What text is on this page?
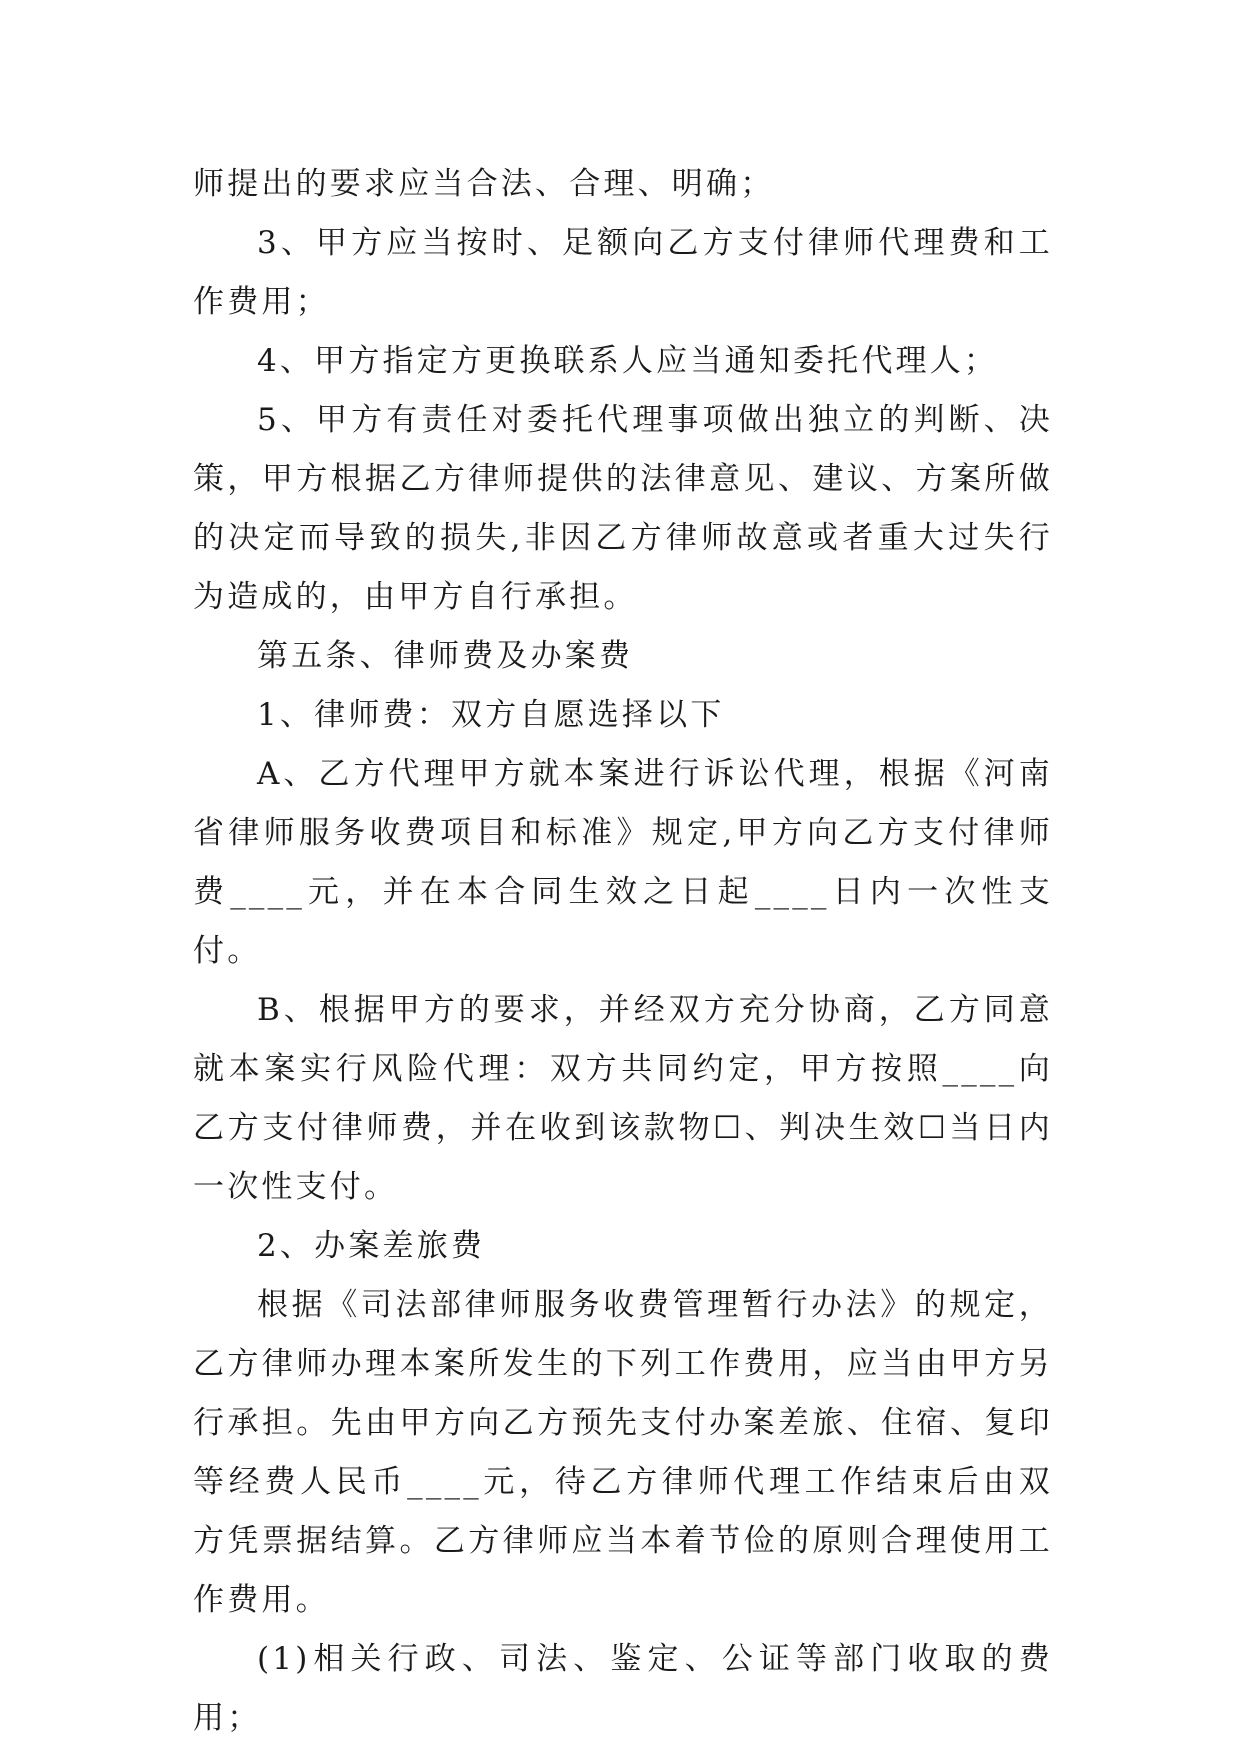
师提出的要求应当合法、合理、明确；

3、甲方应当按时、足额向乙方支付律师代理费和工作费用；

4、甲方指定方更换联系人应当通知委托代理人；

5、甲方有责任对委托代理事项做出独立的判断、决策，甲方根据乙方律师提供的法律意见、建议、方案所做的决定而导致的损失,非因乙方律师故意或者重大过失行为造成的，由甲方自行承担。

第五条、律师费及办案费

1、律师费：双方自愿选择以下

A、乙方代理甲方就本案进行诉讼代理，根据《河南省律师服务收费项目和标准》规定,甲方向乙方支付律师费____元，并在本合同生效之日起____日内一次性支付。

B、根据甲方的要求，并经双方充分协商，乙方同意就本案实行风险代理：双方共同约定，甲方按照____向乙方支付律师费，并在收到该款物☐、判决生效☐当日内一次性支付。

2、办案差旅费

根据《司法部律师服务收费管理暂行办法》的规定，乙方律师办理本案所发生的下列工作费用，应当由甲方另行承担。先由甲方向乙方预先支付办案差旅、住宿、复印等经费人民币____元，待乙方律师代理工作结束后由双方凭票据结算。乙方律师应当本着节俭的原则合理使用工作费用。

(1)相关行政、司法、鉴定、公证等部门收取的费用；
